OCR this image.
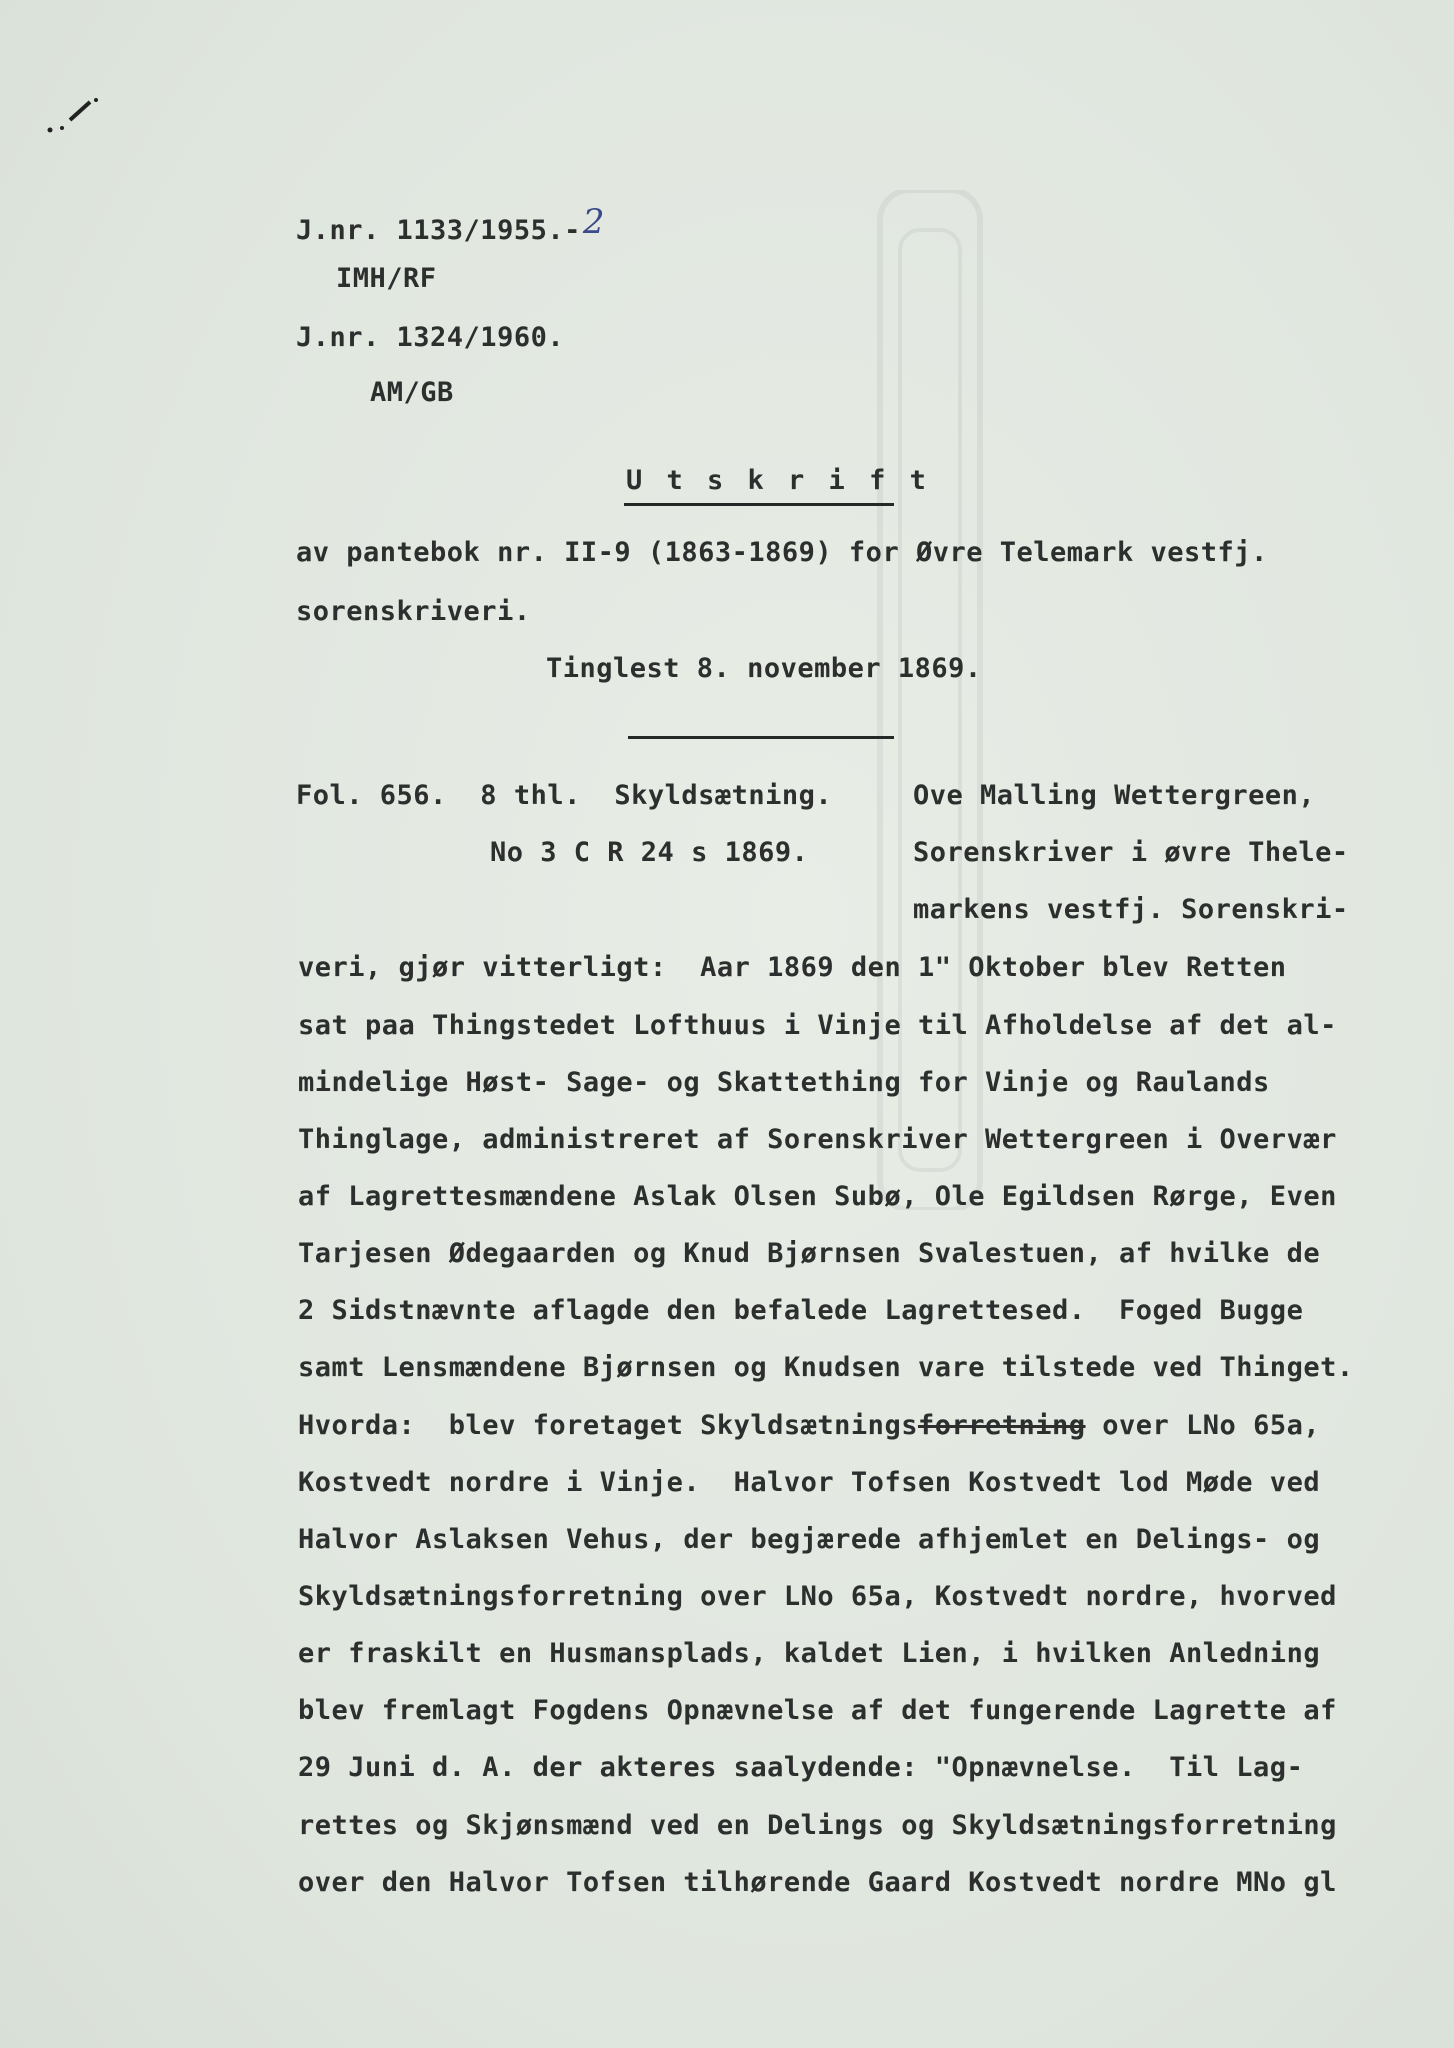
J.nr. 1133/1955.-2
IMH/RF
J.nr. 1324/1960.
AM/GB
U t s k r i f t
av pantebok nr. II-9 (1863-1869) for Øvre Telemark vestfj.
sorenskriveri.
Tinglest 8. november 1869.
Fol. 656.  8 thl.  Skyldsætning.
No 3 C R 24 s 1869.
Ove Malling Wettergreen,
Sorenskriver i øvre Thele-
markens vestfj. Sorenskri-
veri, gjør vitterligt:  Aar 1869 den 1" Oktober blev Retten
sat paa Thingstedet Lofthuus i Vinje til Afholdelse af det al-
mindelige Høst- Sage- og Skattething for Vinje og Raulands
Thinglage, administreret af Sorenskriver Wettergreen i Overvær
af Lagrettesmændene Aslak Olsen Subø, Ole Egildsen Rørge, Even
Tarjesen Ødegaarden og Knud Bjørnsen Svalestuen, af hvilke de
2 Sidstnævnte aflagde den befalede Lagrettesed.  Foged Bugge
samt Lensmændene Bjørnsen og Knudsen vare tilstede ved Thinget.
Hvorda:  blev foretaget Skyldsætningsforretning over LNo 65a,
Kostvedt nordre i Vinje.  Halvor Tofsen Kostvedt lod Møde ved
Halvor Aslaksen Vehus, der begjærede afhjemlet en Delings- og
Skyldsætningsforretning over LNo 65a, Kostvedt nordre, hvorved
er fraskilt en Husmansplads, kaldet Lien, i hvilken Anledning
blev fremlagt Fogdens Opnævnelse af det fungerende Lagrette af
29 Juni d. A. der akteres saalydende: "Opnævnelse.  Til Lag-
rettes og Skjønsmænd ved en Delings og Skyldsætningsforretning
over den Halvor Tofsen tilhørende Gaard Kostvedt nordre MNo gl
